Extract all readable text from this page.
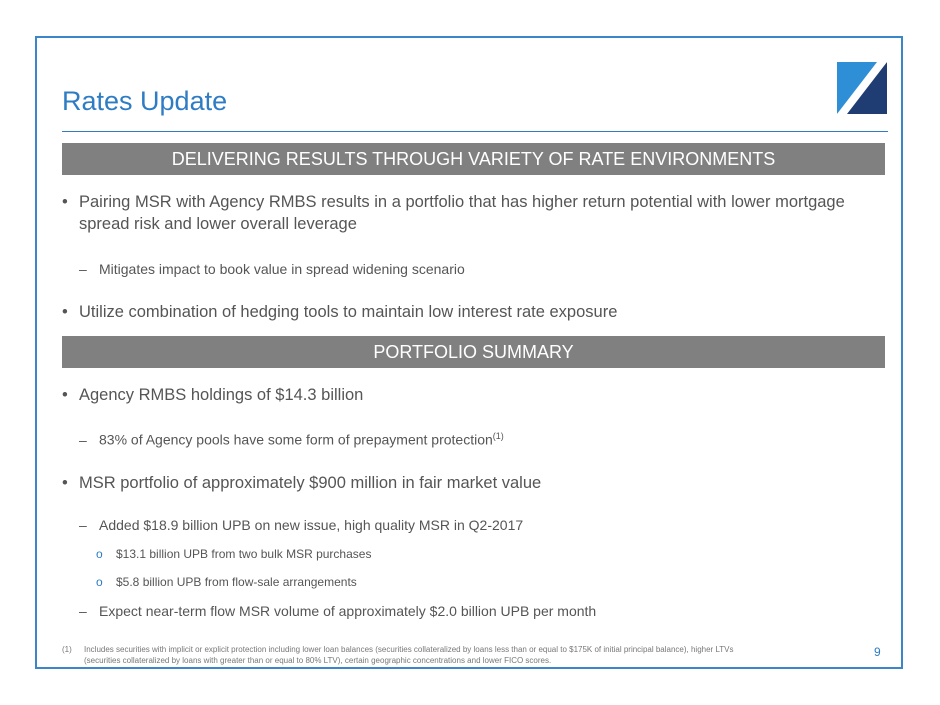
Rates Update
DELIVERING RESULTS THROUGH VARIETY OF RATE ENVIRONMENTS
• Pairing MSR with Agency RMBS results in a portfolio that has higher return potential with lower mortgage
spread risk and lower overall leverage
– Mitigates impact to book value in spread widening scenario
• Utilize combination of hedging tools to maintain low interest rate exposure
PORTFOLIO SUMMARY
• Agency RMBS holdings of $14.3 billion
– 83% of Agency pools have some form of prepayment protection$^{(1)}$
• MSR portfolio of approximately $900 million in fair market value
– Added $18.9 billion UPB on new issue, high quality MSR in Q2-2017
o $13.1 billion UPB from two bulk MSR purchases
o $5.8 billion UPB from flow-sale arrangements
– Expect near-term flow MSR volume of approximately $2.0 billion UPB per month
(1) Includes securities with implicit or explicit protection including lower loan balances (securities collateralized by loans less than or equal to $175K of initial principal balance), higher LTVs
(securities collateralized by loans with greater than or equal to 80% LTV), certain geographic concentrations and lower FICO scores.
9
